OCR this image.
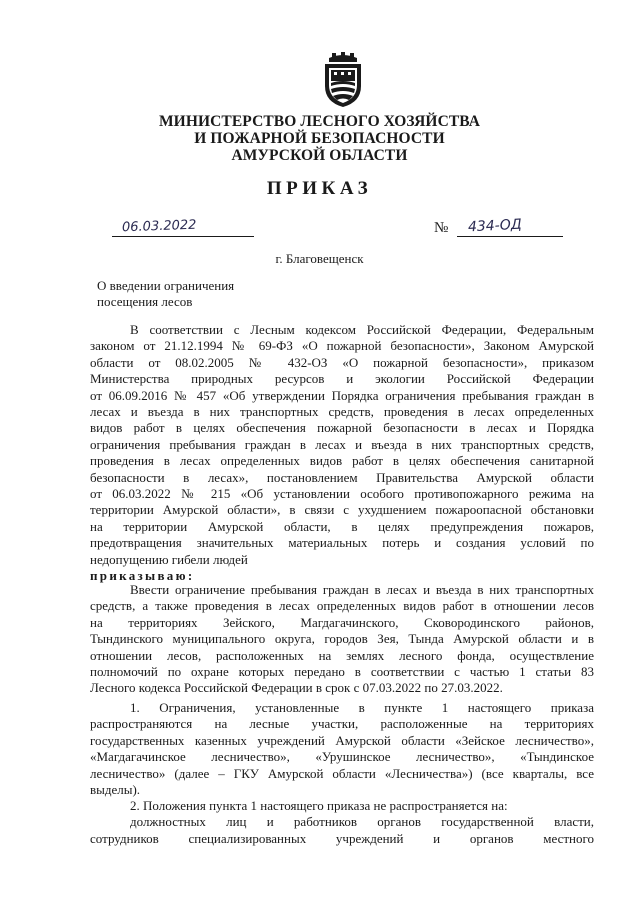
МИНИСТЕРСТВО ЛЕСНОГО ХОЗЯЙСТВА
И ПОЖАРНОЙ БЕЗОПАСНОСТИ
АМУРСКОЙ ОБЛАСТИ
ПРИКАЗ
06.03.2022	№ 434-ОД
г. Благовещенск
О введении ограничения
посещения лесов
В соответствии с Лесным кодексом Российской Федерации, Федеральным
законом от 21.12.1994 № 69-ФЗ «О пожарной безопасности», Законом Амурской
области от 08.02.2005 № 432-ОЗ «О пожарной безопасности», приказом
Министерства природных ресурсов и экологии Российской Федерации
от 06.09.2016 № 457 «Об утверждении Порядка ограничения пребывания граждан в
лесах и въезда в них транспортных средств, проведения в лесах определенных
видов работ в целях обеспечения пожарной безопасности в лесах и Порядка
ограничения пребывания граждан в лесах и въезда в них транспортных средств,
проведения в лесах определенных видов работ в целях обеспечения санитарной
безопасности в лесах», постановлением Правительства Амурской области
от 06.03.2022 № 215 «Об установлении особого противопожарного режима на
территории Амурской области», в связи с ухудшением пожароопасной обстановки
на территории Амурской области, в целях предупреждения пожаров,
предотвращения значительных материальных потерь и создания условий по
недопущению гибели людей
приказываю:
Ввести ограничение пребывания граждан в лесах и въезда в них транспортных
средств, а также проведения в лесах определенных видов работ в отношении лесов
на территориях Зейского, Магдагачинского, Сковородинского районов,
Тындинского муниципального округа, городов Зея, Тында Амурской области и в
отношении лесов, расположенных на землях лесного фонда, осуществление
полномочий по охране которых передано в соответствии с частью 1 статьи 83
Лесного кодекса Российской Федерации в срок с 07.03.2022 по 27.03.2022.
1. Ограничения, установленные в пункте 1 настоящего приказа
распространяются на лесные участки, расположенные на территориях
государственных казенных учреждений Амурской области «Зейское лесничество»,
«Магдагачинское лесничество», «Урушинское лесничество», «Тындинское
лесничество» (далее – ГКУ Амурской области «Лесничества») (все кварталы, все
выделы).
2. Положения пункта 1 настоящего приказа не распространяется на:
должностных лиц и работников органов государственной власти,
сотрудников специализированных учреждений и органов местного
